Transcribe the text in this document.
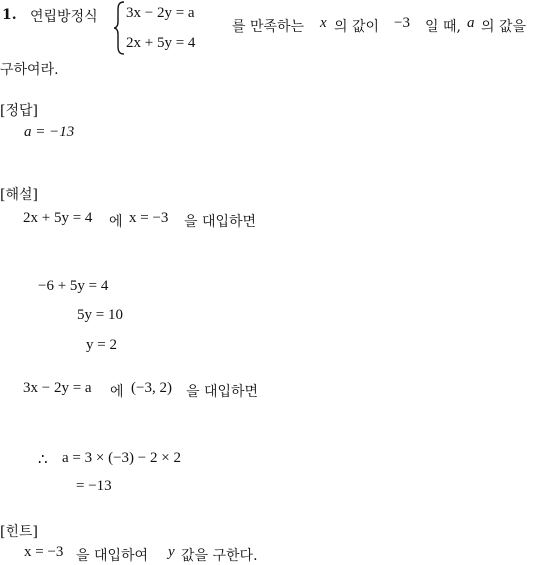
1. 연립방정식 3x − 2y = a
2x + 5y = 4
를 만족하는 x 의 값이 −3 일 때, a 의 값을
구하여라.
[정답]
a = −13
[해설]
2x + 5y = 4 에 x = −3 을 대입하면
−6 + 5y = 4
5y = 10
y = 2
3x − 2y = a 에 (−3, 2) 을 대입하면
∴ a = 3 × (−3) − 2 × 2
= −13
[힌트]
x = −3 을 대입하여 y 값을 구한다.
